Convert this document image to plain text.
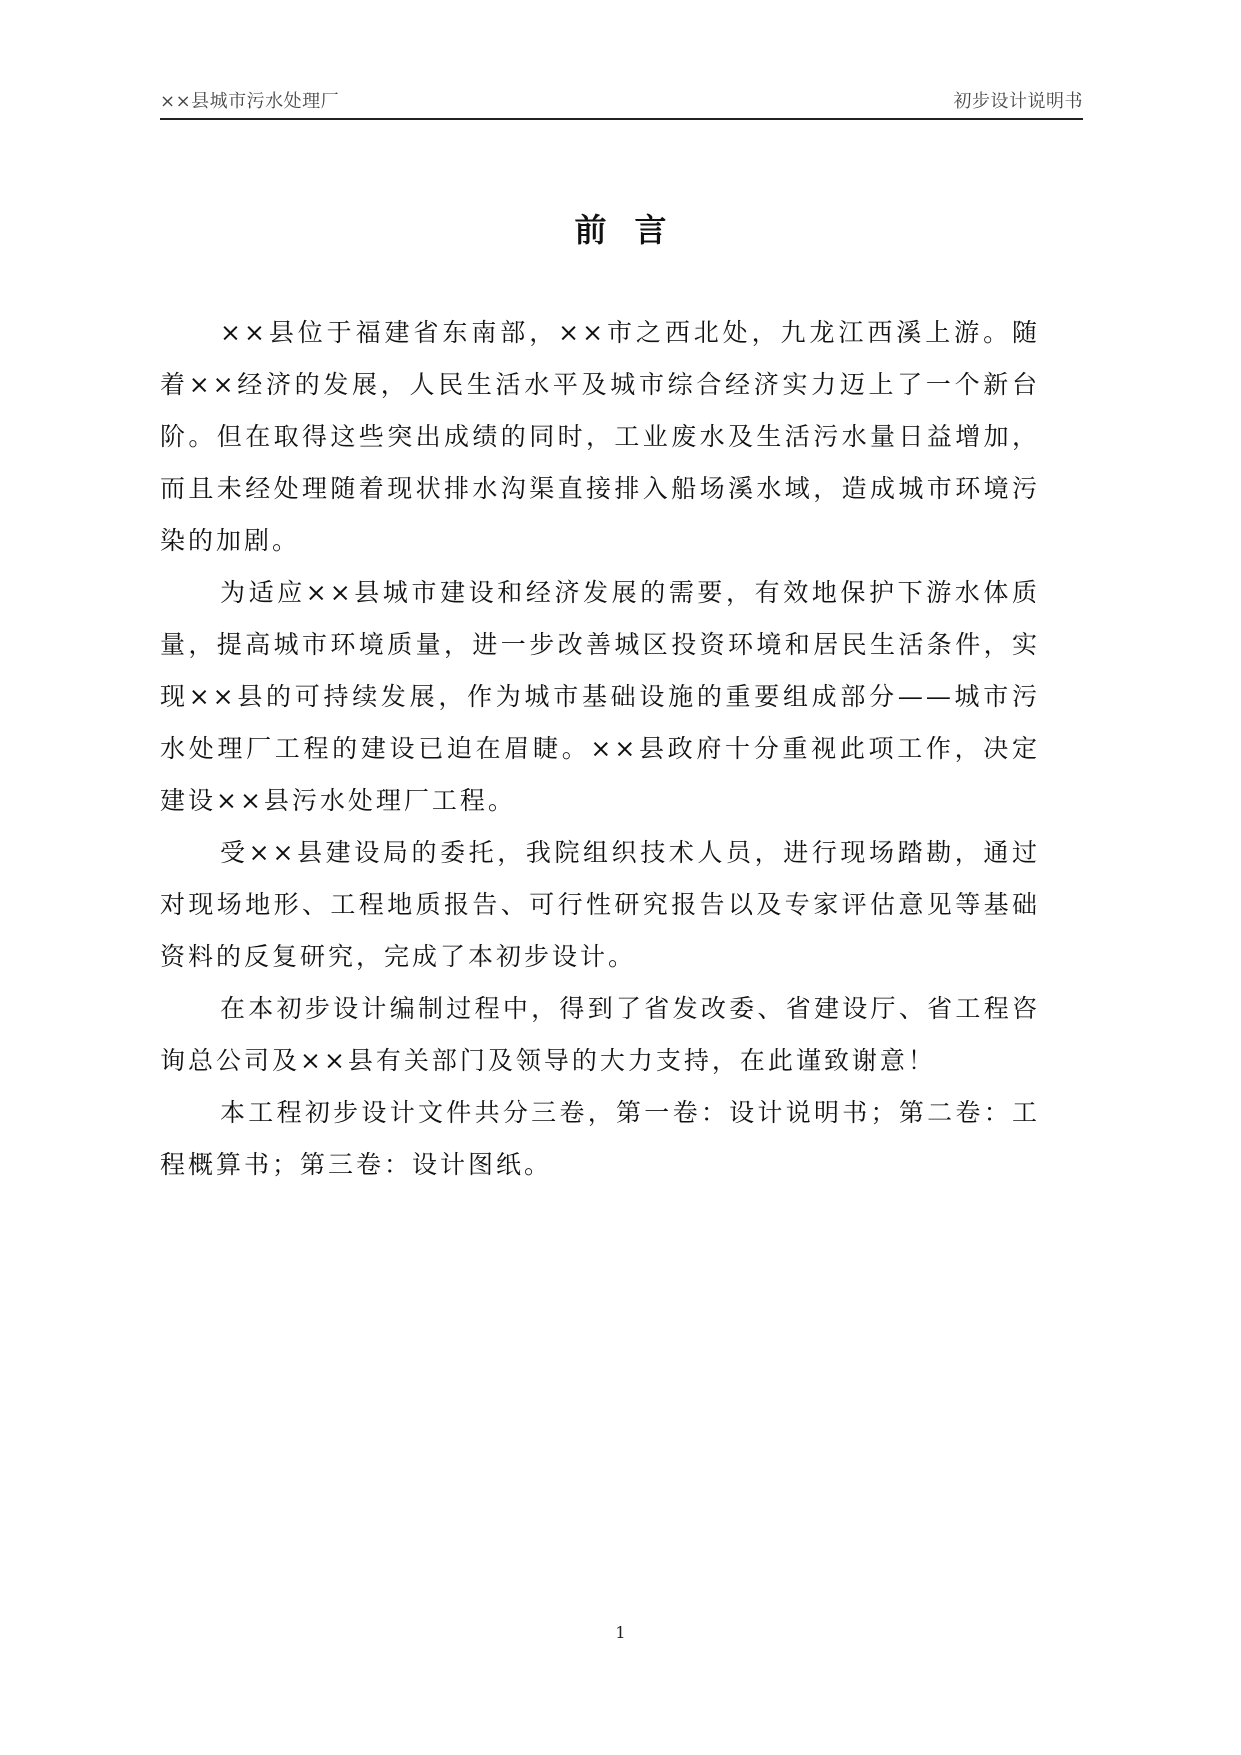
××县城市污水处理厂	初步设计说明书
前言

××县位于福建省东南部，××市之西北处，九龙江西溪上游。随着××经济的发展，人民生活水平及城市综合经济实力迈上了一个新台阶。但在取得这些突出成绩的同时，工业废水及生活污水量日益增加，而且未经处理随着现状排水沟渠直接排入船场溪水域，造成城市环境污染的加剧。

为适应××县城市建设和经济发展的需要，有效地保护下游水体质量，提高城市环境质量，进一步改善城区投资环境和居民生活条件，实现××县的可持续发展，作为城市基础设施的重要组成部分——城市污水处理厂工程的建设已迫在眉睫。××县政府十分重视此项工作，决定建设××县污水处理厂工程。

受××县建设局的委托，我院组织技术人员，进行现场踏勘，通过对现场地形、工程地质报告、可行性研究报告以及专家评估意见等基础资料的反复研究，完成了本初步设计。

在本初步设计编制过程中，得到了省发改委、省建设厅、省工程咨询总公司及××县有关部门及领导的大力支持，在此谨致谢意！

本工程初步设计文件共分三卷，第一卷：设计说明书；第二卷：工程概算书；第三卷：设计图纸。

1
